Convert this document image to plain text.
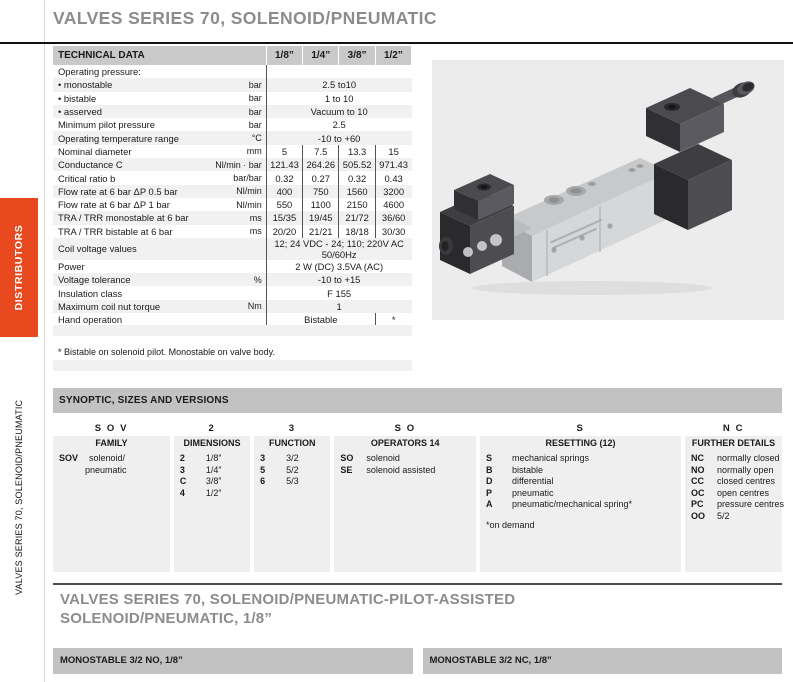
DISTRIBUTORS
VALVES SERIES 70, SOLENOID/PNEUMATIC
VALVES SERIES 70, SOLENOID/PNEUMATIC
TECHNICAL DATA		1/8”	1/4”	3/8”	1/2”
Operating pressure:					
• monostable	bar	2.5 to10			
• bistable	bar	1 to 10			
• asserved	bar	Vacuum to 10			
Minimum pilot pressure	bar	2.5			
Operating temperature range	°C	-10 to +60			
Nominal diameter	mm	5	7.5	13.3	15
Conductance C	Nl/min · bar	121.43	264.26	505.52	971.43
Critical ratio b	bar/bar	0.32	0.27	0.32	0.43
Flow rate at 6 bar ΔP 0.5 bar	Nl/min	400	750	1560	3200
Flow rate at 6 bar ΔP 1 bar	Nl/min	550	1100	2150	4600
TRA / TRR monostable at 6 bar	ms	15/35	19/45	21/72	36/60
TRA / TRR bistable at 6 bar	ms	20/20	21/21	18/18	30/30
Coil voltage values		12; 24 VDC - 24; 110; 220V AC 50/60Hz			
Power		2 W (DC) 3.5VA (AC)			
Voltage tolerance	%	-10 to +15			
Insulation class		F 155			
Maximum coil nut torque	Nm	1			
Hand operation		Bistable			*
* Bistable on solenoid pilot. Monostable on valve body.
SYNOPTIC, SIZES AND VERSIONS
S O V
FAMILY
SOV	solenoid/
pneumatic
2
DIMENSIONS
2	1/8”
3	1/4”
C	3/8”
4	1/2”
3
FUNCTION
3	3/2
5	5/2
6	5/3
S O
OPERATORS 14
SO	solenoid
SE	solenoid assisted
S
RESETTING (12)
S	mechanical springs
B	bistable
D	differential
P	pneumatic
A	pneumatic/mechanical spring*
*on demand
N C
FURTHER DETAILS
NC	normally closed
NO	normally open
CC	closed centres
OC	open centres
PC	pressure centres
OO	5/2
VALVES SERIES 70, SOLENOID/PNEUMATIC-PILOT-ASSISTED
SOLENOID/PNEUMATIC, 1/8”
MONOSTABLE 3/2 NO, 1/8”	MONOSTABLE 3/2 NC, 1/8”
